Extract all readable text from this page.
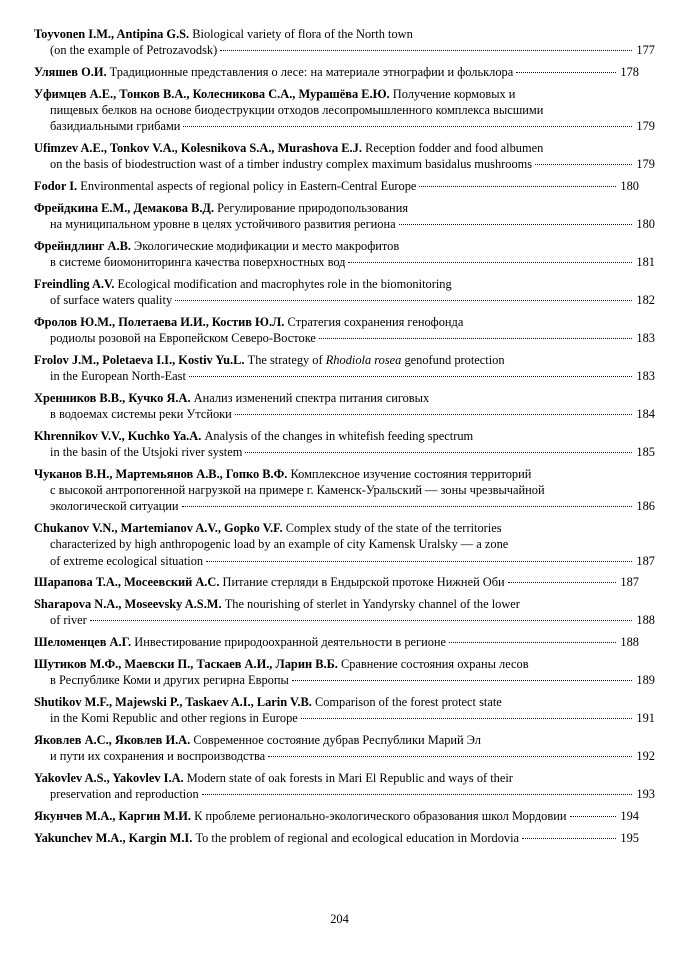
Toyvonen I.M., Antipina G.S. Biological variety of flora of the North town
(on the example of Petrozavodsk)	177
Уляшев О.И. Традиционные представления о лесе: на материале этнографии и фольклора	178
Уфимцев А.Е., Тонков В.А., Колесникова С.А., Мурашёва Е.Ю. Получение кормовых и
пищевых белков на основе биодеструкции отходов лесопромышленного комплекса высшими
базидиальными грибами	179
Ufimzev A.E., Tonkov V.A., Kolesnikova S.A., Murashova E.J. Reception fodder and food albumen
on the basis of biodestruction wast of a timber industry complex maximum basidalus mushrooms	179
Fodor I. Environmental aspects of regional policy in Eastern-Central Europe	180
Фрейдкина Е.М., Демакова В.Д. Регулирование природопользования
на муниципальном уровне в целях устойчивого развития региона	180
Фрейндлинг А.В. Экологические модификации и место макрофитов
в системе биомониторинга качества поверхностных вод	181
Freindling A.V. Ecological modification and macrophytes role in the biomonitoring
of surface waters quality	182
Фролов Ю.М., Полетаева И.И., Костив Ю.Л. Стратегия сохранения генофонда
родиолы розовой на Европейском Северо-Востоке	183
Frolov J.M., Poletaeva I.I., Kostiv Yu.L. The strategy of Rhodiola rosea genofund protection
in the European North-East	183
Хренников В.В., Кучко Я.А. Анализ изменений спектра питания сиговых
в водоемах системы реки Утсйоки	184
Khrennikov V.V., Kuchko Ya.A. Analysis of the changes in whitefish feeding spectrum
in the basin of the Utsjoki river system	185
Чуканов В.Н., Мартемьянов А.В., Гопко В.Ф. Комплексное изучение состояния территорий
с высокой антропогенной нагрузкой на примере г. Каменск-Уральский — зоны чрезвычайной
экологической ситуации	186
Chukanov V.N., Martemianov A.V., Gopko V.F. Complex study of the state of the territories
characterized by high anthropogenic load by an example of city Kamensk Uralsky — a zone
of extreme ecological situation	187
Шарапова Т.А., Мосеевский А.С. Питание стерляди в Ендырской протоке Нижней Оби	187
Sharapova N.A., Moseevsky A.S.M. The nourishing of sterlet in Yandyrsky channel of the lower
of river	188
Шеломенцев А.Г. Инвестирование природоохранной деятельности в регионе	188
Шутиков М.Ф., Маевски П., Таскаев А.И., Ларин В.Б. Сравнение состояния охраны лесов
в Республике Коми и других регирна Европы	189
Shutikov M.F., Majewski P., Taskaev A.I., Larin V.B. Comparison of the forest protect state
in the Komi Republic and other regions in Europe	191
Яковлев А.С., Яковлев И.А. Современное состояние дубрав Республики Марий Эл
и пути их сохранения и воспроизводства	192
Yakovlev A.S., Yakovlev I.A. Modern state of oak forests in Mari El Republic and ways of their
preservation and reproduction	193
Якунчев М.А., Каргин М.И. К проблеме регионально-экологического образования школ Мордовии	194
Yakunchev M.A., Kargin M.I. To the problem of regional and ecological education in Mordovia	195
204
